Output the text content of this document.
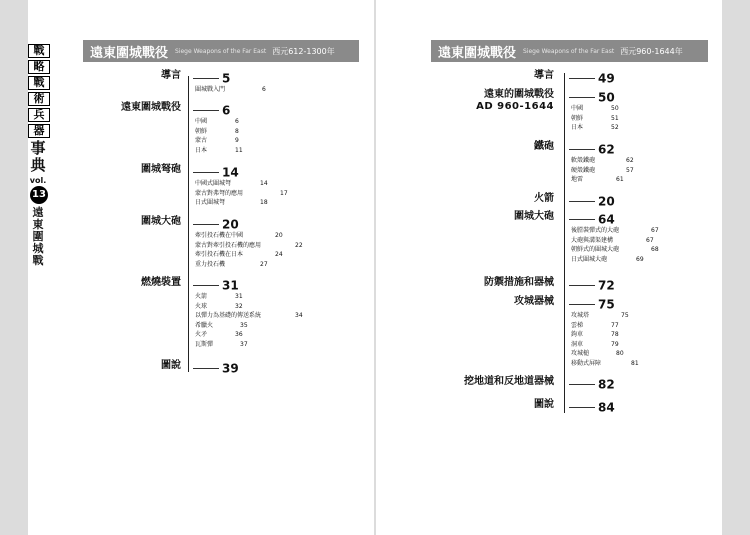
戰
略
戰
術
兵
器
事
典
vol.
13
遠
東
圍
城
戰
遠東圍城戰役 Siege Weapons of the Far East 西元612-1300年
導言	5
圍城戰入門	6
遠東圍城戰役	6
中國	6
朝鮮	8
蒙古	9
日本	11
圍城弩砲	14
中國式圍城弩	14
蒙古對弗弩的應用	17
日式圍城弩	18
圍城大砲	20
牽引投石機在中國	20
蒙古對牽引投石機的應用	22
牽引投石機在日本	24
重力投石機	27
燃燒裝置	31
火箭	31
火球	32
以彈力為基礎的傳送系統	34
希臘火	35
火矛	36
瓦斯彈	37
圖說	39
遠東圍城戰役 Siege Weapons of the Far East 西元960-1644年
導言	49
遠東的圍城戰役
AD 960-1644
50
中國	50
朝鮮	51
日本	52
鐵砲	62
軟殼鐵砲	62
硬殼鐵砲	57
地雷	61
火箭	20
圍城大砲	64
後膛裝彈式的大砲	67
大砲與溝渠建構	67
朝鮮式的圍城大砲	68
日式圍城大砲	69
防禦措施和器械	72
攻城器械	75
攻城塔	75
雲梯	77
鉤車	78
洞車	79
攻城槌	80
移動式屏障	81
挖地道和反地道器械	82
圖說	84
